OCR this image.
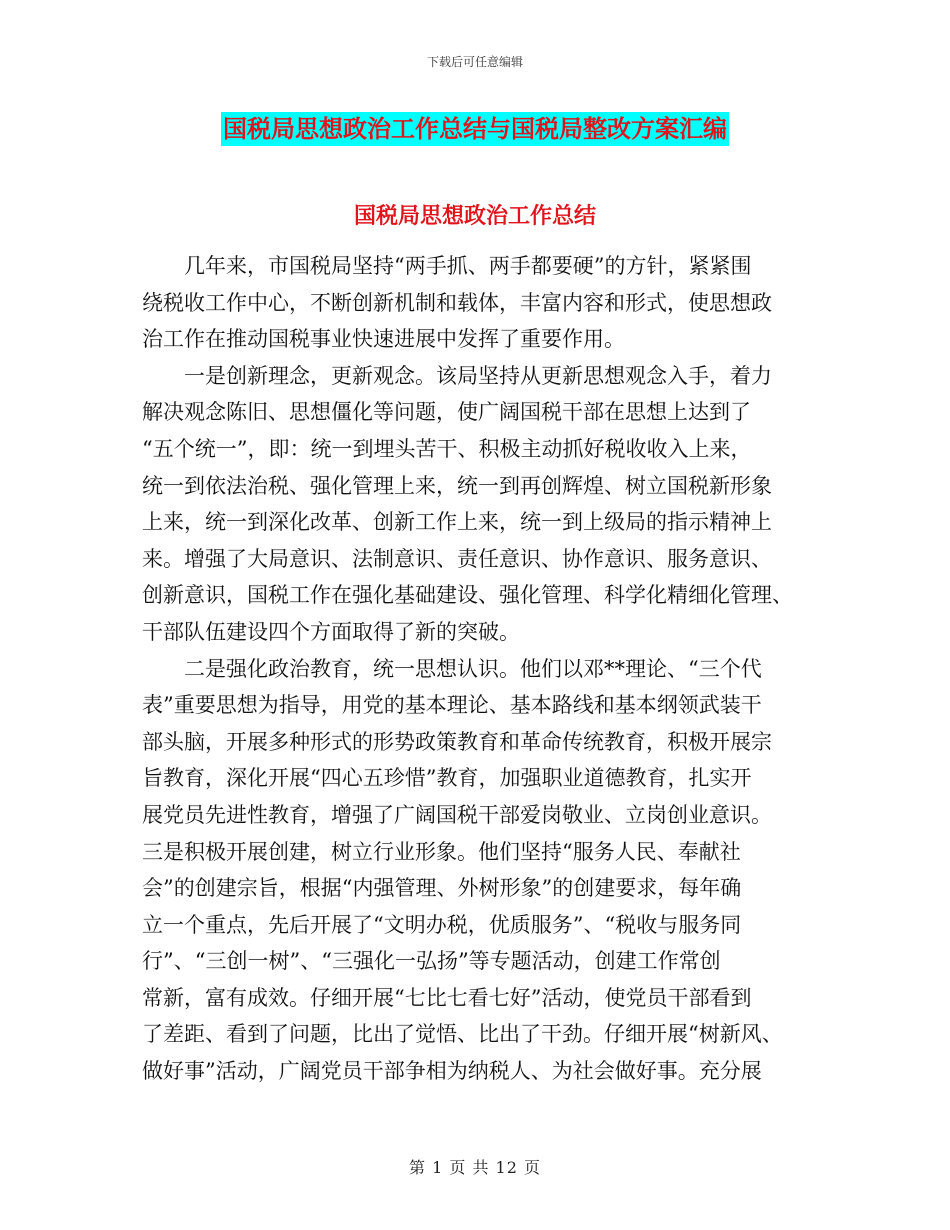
下载后可任意编辑
国税局思想政治工作总结与国税局整改方案汇编
国税局思想政治工作总结
　　几年来，市国税局坚持“两手抓、两手都要硬”的方针，紧紧围
绕税收工作中心，不断创新机制和载体，丰富内容和形式，使思想政
治工作在推动国税事业快速进展中发挥了重要作用。
　　一是创新理念，更新观念。该局坚持从更新思想观念入手，着力
解决观念陈旧、思想僵化等问题，使广阔国税干部在思想上达到了
“五个统一”，即：统一到埋头苦干、积极主动抓好税收收入上来，
统一到依法治税、强化管理上来，统一到再创辉煌、树立国税新形象
上来，统一到深化改革、创新工作上来，统一到上级局的指示精神上
来。增强了大局意识、法制意识、责任意识、协作意识、服务意识、
创新意识，国税工作在强化基础建设、强化管理、科学化精细化管理、
干部队伍建设四个方面取得了新的突破。
　　二是强化政治教育，统一思想认识。他们以邓**理论、“三个代
表”重要思想为指导，用党的基本理论、基本路线和基本纲领武装干
部头脑，开展多种形式的形势政策教育和革命传统教育，积极开展宗
旨教育，深化开展“四心五珍惜”教育，加强职业道德教育，扎实开
展党员先进性教育，增强了广阔国税干部爱岗敬业、立岗创业意识。
三是积极开展创建，树立行业形象。他们坚持“服务人民、奉献社
会”的创建宗旨，根据“内强管理、外树形象”的创建要求，每年确
立一个重点，先后开展了“文明办税，优质服务”、“税收与服务同
行”、“三创一树”、“三强化一弘扬”等专题活动，创建工作常创
常新，富有成效。仔细开展“七比七看七好”活动，使党员干部看到
了差距、看到了问题，比出了觉悟、比出了干劲。仔细开展“树新风、
做好事”活动，广阔党员干部争相为纳税人、为社会做好事。充分展
第 1 页 共 12 页
